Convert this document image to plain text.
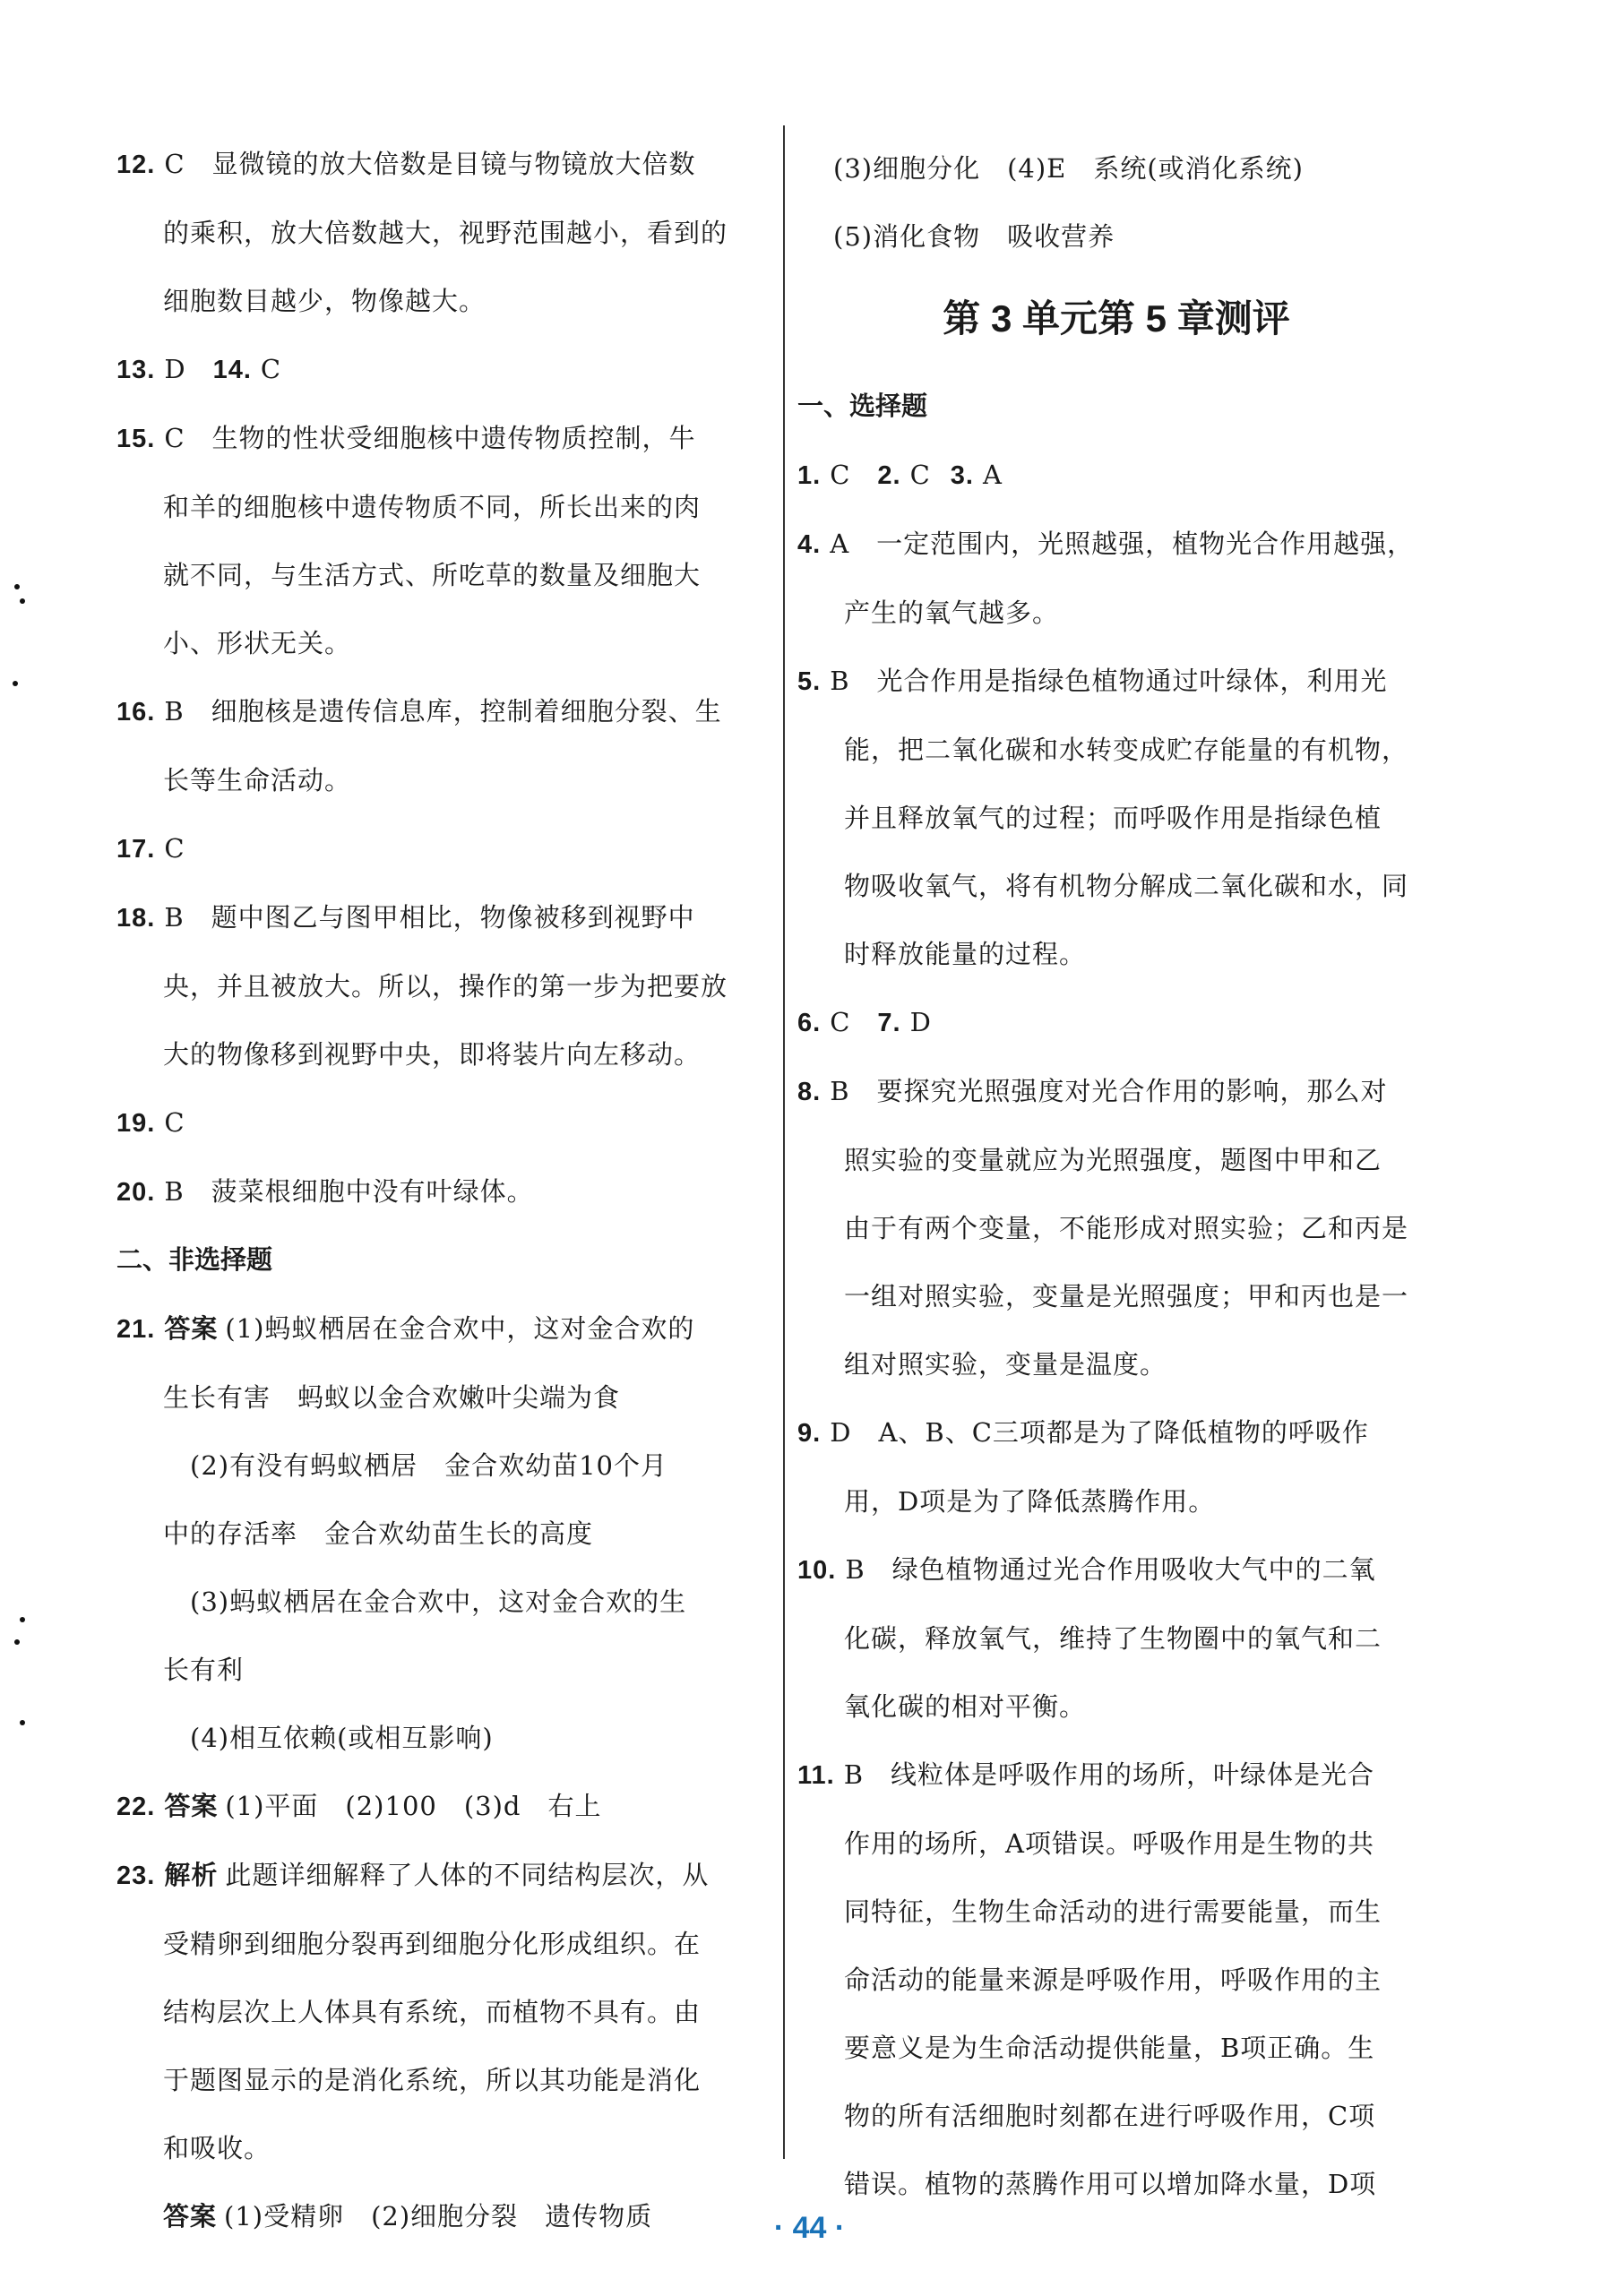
12. C　显微镜的放大倍数是目镜与物镜放大倍数
的乘积，放大倍数越大，视野范围越小，看到的
细胞数目越少，物像越大。
13. D　14. C
15. C　生物的性状受细胞核中遗传物质控制，牛
和羊的细胞核中遗传物质不同，所长出来的肉
就不同，与生活方式、所吃草的数量及细胞大
小、形状无关。
16. B　细胞核是遗传信息库，控制着细胞分裂、生
长等生命活动。
17. C
18. B　题中图乙与图甲相比，物像被移到视野中
央，并且被放大。所以，操作的第一步为把要放
大的物像移到视野中央，即将装片向左移动。
19. C
20. B　菠菜根细胞中没有叶绿体。
二、非选择题
21. 答案 (1)蚂蚁栖居在金合欢中，这对金合欢的
生长有害　蚂蚁以金合欢嫩叶尖端为食
(2)有没有蚂蚁栖居　金合欢幼苗10个月
中的存活率　金合欢幼苗生长的高度
(3)蚂蚁栖居在金合欢中，这对金合欢的生
长有利
(4)相互依赖(或相互影响)
22. 答案 (1)平面　(2)100　(3)d　右上
23. 解析 此题详细解释了人体的不同结构层次，从
受精卵到细胞分裂再到细胞分化形成组织。在
结构层次上人体具有系统，而植物不具有。由
于题图显示的是消化系统，所以其功能是消化
和吸收。
答案 (1)受精卵　(2)细胞分裂　遗传物质
(3)细胞分化　(4)E　系统(或消化系统)
(5)消化食物　吸收营养
第 3 单元第 5 章测评
一、选择题
1. C　2. C 3. A
4. A　一定范围内，光照越强，植物光合作用越强，
产生的氧气越多。
5. B　光合作用是指绿色植物通过叶绿体，利用光
能，把二氧化碳和水转变成贮存能量的有机物，
并且释放氧气的过程；而呼吸作用是指绿色植
物吸收氧气，将有机物分解成二氧化碳和水，同
时释放能量的过程。
6. C　7. D
8. B　要探究光照强度对光合作用的影响，那么对
照实验的变量就应为光照强度，题图中甲和乙
由于有两个变量，不能形成对照实验；乙和丙是
一组对照实验，变量是光照强度；甲和丙也是一
组对照实验，变量是温度。
9. D　A、B、C三项都是为了降低植物的呼吸作
用，D项是为了降低蒸腾作用。
10. B　绿色植物通过光合作用吸收大气中的二氧
化碳，释放氧气，维持了生物圈中的氧气和二
氧化碳的相对平衡。
11. B　线粒体是呼吸作用的场所，叶绿体是光合
作用的场所，A项错误。呼吸作用是生物的共
同特征，生物生命活动的进行需要能量，而生
命活动的能量来源是呼吸作用，呼吸作用的主
要意义是为生命活动提供能量，B项正确。生
物的所有活细胞时刻都在进行呼吸作用，C项
错误。植物的蒸腾作用可以增加降水量，D项
· 44 ·
